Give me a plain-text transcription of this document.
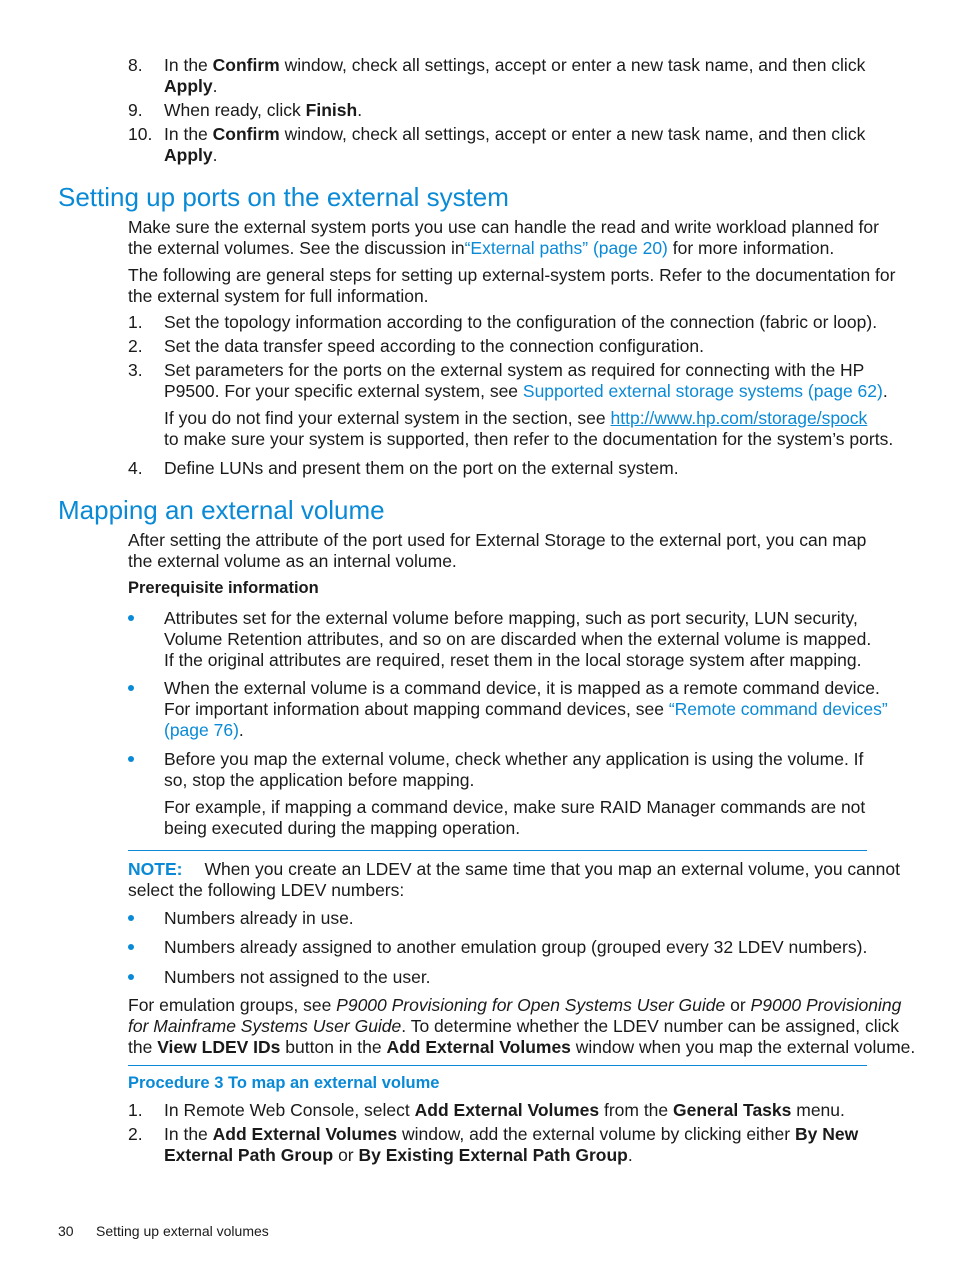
8. In the Confirm window, check all settings, accept or enter a new task name, and then click
Apply.
9. When ready, click Finish.
10. In the Confirm window, check all settings, accept or enter a new task name, and then click
Apply.
Setting up ports on the external system
Make sure the external system ports you use can handle the read and write workload planned for
the external volumes. See the discussion in“External paths” (page 20) for more information.
The following are general steps for setting up external-system ports. Refer to the documentation for
the external system for full information.
1. Set the topology information according to the configuration of the connection (fabric or loop).
2. Set the data transfer speed according to the connection configuration.
3. Set parameters for the ports on the external system as required for connecting with the HP
P9500. For your specific external system, see Supported external storage systems (page 62).
If you do not find your external system in the section, see http://www.hp.com/storage/spock
to make sure your system is supported, then refer to the documentation for the system’s ports.
4. Define LUNs and present them on the port on the external system.
Mapping an external volume
After setting the attribute of the port used for External Storage to the external port, you can map
the external volume as an internal volume.
Prerequisite information
Attributes set for the external volume before mapping, such as port security, LUN security,
Volume Retention attributes, and so on are discarded when the external volume is mapped.
If the original attributes are required, reset them in the local storage system after mapping.
When the external volume is a command device, it is mapped as a remote command device.
For important information about mapping command devices, see “Remote command devices”
(page 76).
Before you map the external volume, check whether any application is using the volume. If
so, stop the application before mapping.
For example, if mapping a command device, make sure RAID Manager commands are not
being executed during the mapping operation.
NOTE: When you create an LDEV at the same time that you map an external volume, you cannot
select the following LDEV numbers:
Numbers already in use.
Numbers already assigned to another emulation group (grouped every 32 LDEV numbers).
Numbers not assigned to the user.
For emulation groups, see P9000 Provisioning for Open Systems User Guide or P9000 Provisioning
for Mainframe Systems User Guide. To determine whether the LDEV number can be assigned, click
the View LDEV IDs button in the Add External Volumes window when you map the external volume.
Procedure 3 To map an external volume
1. In Remote Web Console, select Add External Volumes from the General Tasks menu.
2. In the Add External Volumes window, add the external volume by clicking either By New
External Path Group or By Existing External Path Group.
30 Setting up external volumes
